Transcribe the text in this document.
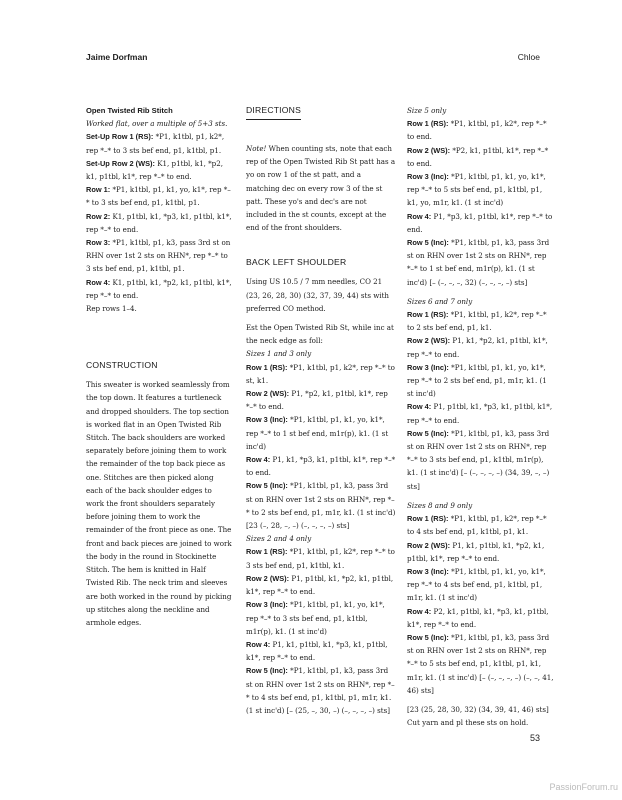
Jaime Dorfman	Chloe

Open Twisted Rib Stitch

Worked flat, over a multiple of 5+3 sts.

Set-Up Row 1 (RS): *P1, k1tbl, p1, k2*, rep *–* to 3 sts bef end, p1, k1tbl, p1.

Set-Up Row 2 (WS): K1, p1tbl, k1, *p2, k1, p1tbl, k1*, rep *–* to end.

Row 1: *P1, k1tbl, p1, k1, yo, k1*, rep *–* to 3 sts bef end, p1, k1tbl, p1.

Row 2: K1, p1tbl, k1, *p3, k1, p1tbl, k1*, rep *–* to end.

Row 3: *P1, k1tbl, p1, k3, pass 3rd st on RHN over 1st 2 sts on RHN*, rep *–* to 3 sts bef end, p1, k1tbl, p1.

Row 4: K1, p1tbl, k1, *p2, k1, p1tbl, k1*, rep *–* to end.

Rep rows 1–4.

CONSTRUCTION

This sweater is worked seamlessly from the top down. It features a turtleneck and dropped shoulders. The top section is worked flat in an Open Twisted Rib Stitch. The back shoulders are worked separately before joining them to work the remainder of the top back piece as one. Stitches are then picked along each of the back shoulder edges to work the front shoulders separately before joining them to work the remainder of the front piece as one. The front and back pieces are joined to work the body in the round in Stockinette Stitch. The hem is knitted in Half Twisted Rib. The neck trim and sleeves are both worked in the round by picking up stitches along the neckline and armhole edges.

DIRECTIONS

Note! When counting sts, note that each rep of the Open Twisted Rib St patt has a yo on row 1 of the st patt, and a matching dec on every row 3 of the st patt. These yo's and dec's are not included in the st counts, except at the end of the front shoulders.

BACK LEFT SHOULDER

Using US 10.5 / 7 mm needles, CO 21 (23, 26, 28, 30) (32, 37, 39, 44) sts with preferred CO method.

Est the Open Twisted Rib St, while inc at the neck edge as foll:

Sizes 1 and 3 only

Row 1 (RS): *P1, k1tbl, p1, k2*, rep *–* to st, k1.

Row 2 (WS): P1, *p2, k1, p1tbl, k1*, rep *–* to end.

Row 3 (Inc): *P1, k1tbl, p1, k1, yo, k1*, rep *–* to 1 st bef end, m1r(p), k1. (1 st inc'd)

Row 4: P1, k1, *p3, k1, p1tbl, k1*, rep *–* to end.

Row 5 (Inc): *P1, k1tbl, p1, k3, pass 3rd st on RHN over 1st 2 sts on RHN*, rep *–* to 2 sts bef end, p1, m1r, k1. (1 st inc'd) [23 (–, 28, –, –) (–, –, –, –) sts]

Sizes 2 and 4 only

Row 1 (RS): *P1, k1tbl, p1, k2*, rep *–* to 3 sts bef end, p1, k1tbl, k1.

Row 2 (WS): P1, p1tbl, k1, *p2, k1, p1tbl, k1*, rep *–* to end.

Row 3 (Inc): *P1, k1tbl, p1, k1, yo, k1*, rep *–* to 3 sts bef end, p1, k1tbl, m1r(p), k1. (1 st inc'd)

Row 4: P1, k1, p1tbl, k1, *p3, k1, p1tbl, k1*, rep *–* to end.

Row 5 (Inc): *P1, k1tbl, p1, k3, pass 3rd st on RHN over 1st 2 sts on RHN*, rep *–* to 4 sts bef end, p1, k1tbl, p1, m1r, k1. (1 st inc'd) [– (25, –, 30, –) (–, –, –, –) sts]

Size 5 only

Row 1 (RS): *P1, k1tbl, p1, k2*, rep *–* to end.

Row 2 (WS): *P2, k1, p1tbl, k1*, rep *–* to end.

Row 3 (Inc): *P1, k1tbl, p1, k1, yo, k1*, rep *–* to 5 sts bef end, p1, k1tbl, p1, k1, yo, m1r, k1. (1 st inc'd)

Row 4: P1, *p3, k1, p1tbl, k1*, rep *–* to end.

Row 5 (Inc): *P1, k1tbl, p1, k3, pass 3rd st on RHN over 1st 2 sts on RHN*, rep *–* to 1 st bef end, m1r(p), k1. (1 st inc'd) [– (–, –, –, 32) (–, –, –, –) sts]

Sizes 6 and 7 only

Row 1 (RS): *P1, k1tbl, p1, k2*, rep *–* to 2 sts bef end, p1, k1.

Row 2 (WS): P1, k1, *p2, k1, p1tbl, k1*, rep *–* to end.

Row 3 (Inc): *P1, k1tbl, p1, k1, yo, k1*, rep *–* to 2 sts bef end, p1, m1r, k1. (1 st inc'd)

Row 4: P1, p1tbl, k1, *p3, k1, p1tbl, k1*, rep *–* to end.

Row 5 (Inc): *P1, k1tbl, p1, k3, pass 3rd st on RHN over 1st 2 sts on RHN*, rep *–* to 3 sts bef end, p1, k1tbl, m1r(p), k1. (1 st inc'd) [– (–, –, –, –) (34, 39, –, –) sts]

Sizes 8 and 9 only

Row 1 (RS): *P1, k1tbl, p1, k2*, rep *–* to 4 sts bef end, p1, k1tbl, p1, k1.

Row 2 (WS): P1, k1, p1tbl, k1, *p2, k1, p1tbl, k1*, rep *–* to end.

Row 3 (Inc): *P1, k1tbl, p1, k1, yo, k1*, rep *–* to 4 sts bef end, p1, k1tbl, p1, m1r, k1. (1 st inc'd)

Row 4: P2, k1, p1tbl, k1, *p3, k1, p1tbl, k1*, rep *–* to end.

Row 5 (Inc): *P1, k1tbl, p1, k3, pass 3rd st on RHN over 1st 2 sts on RHN*, rep *–* to 5 sts bef end, p1, k1tbl, p1, k1, m1r, k1. (1 st inc'd) [– (–, –, –, –) (–, –, 41, 46) sts]

[23 (25, 28, 30, 32) (34, 39, 41, 46) sts]

Cut yarn and pl these sts on hold.

53
PassionForum.ru
